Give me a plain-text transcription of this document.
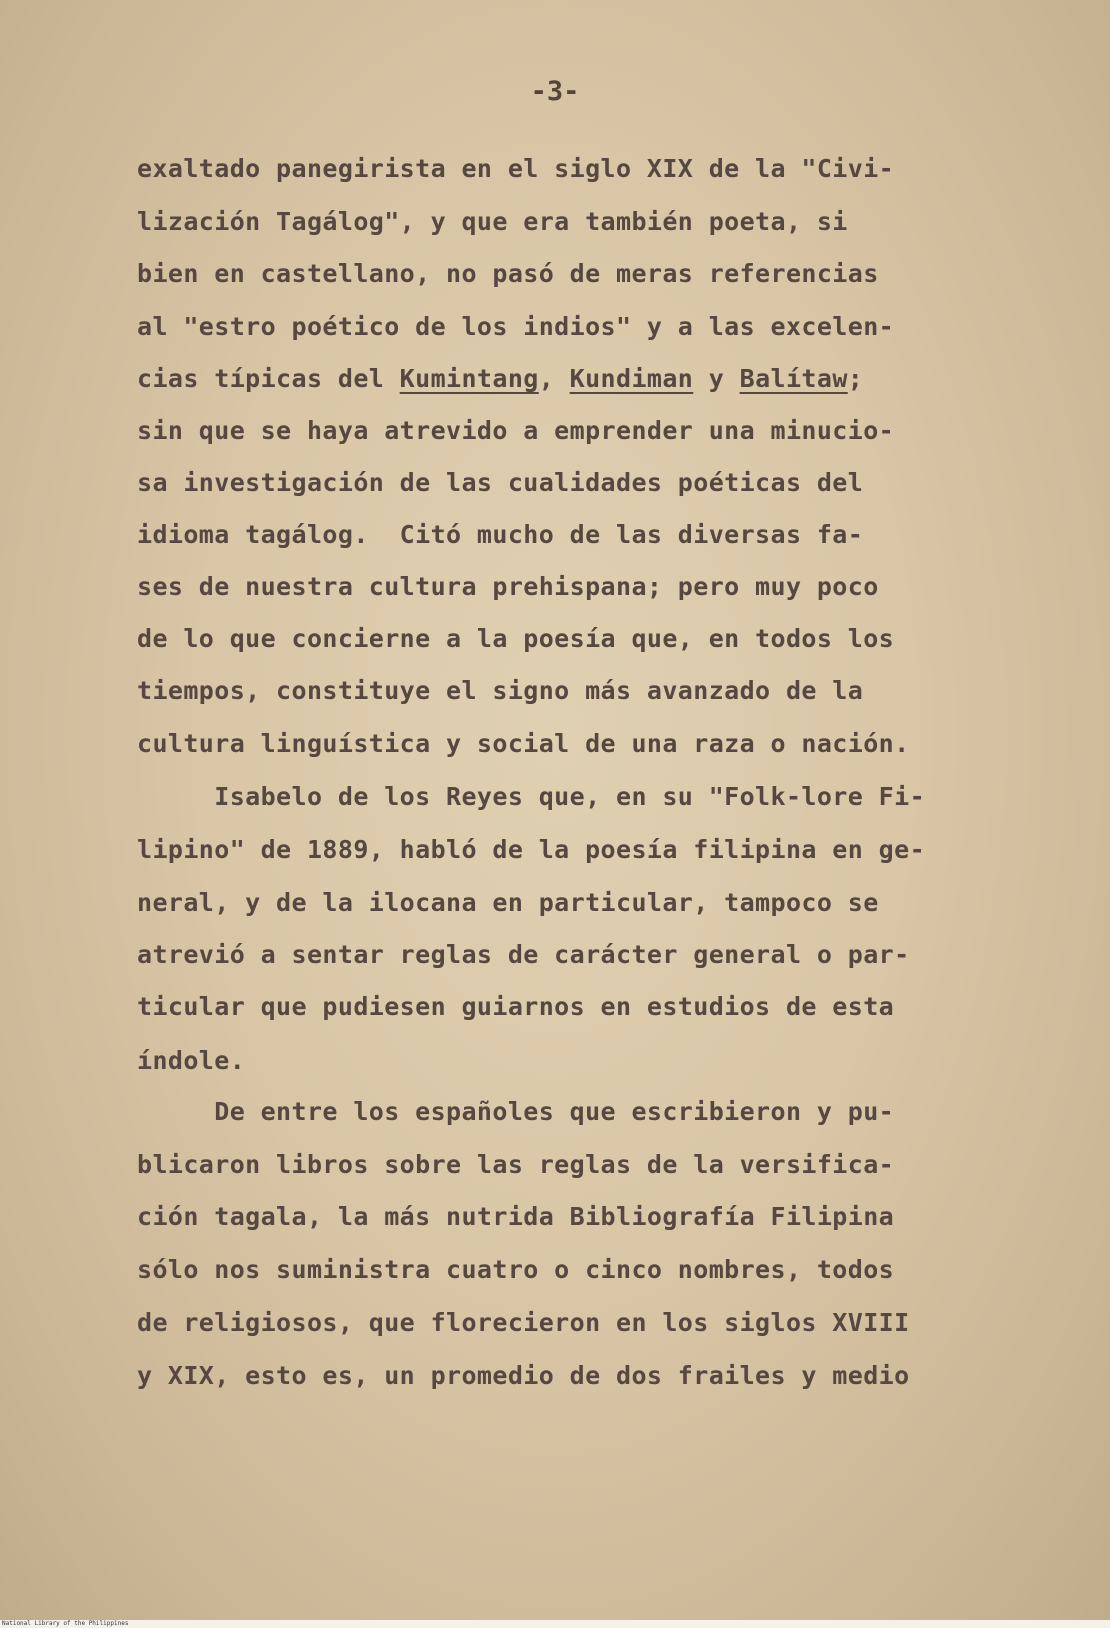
-3-
exaltado panegirista en el siglo XIX de la "Civi-
lización Tagálog", y que era también poeta, si
bien en castellano, no pasó de meras referencias
al "estro poético de los indios" y a las excelen-
cias típicas del Kumintang, Kundiman y Balítaw;
sin que se haya atrevido a emprender una minucio-
sa investigación de las cualidades poéticas del
idioma tagálog.  Citó mucho de las diversas fa-
ses de nuestra cultura prehispana; pero muy poco
de lo que concierne a la poesía que, en todos los
tiempos, constituye el signo más avanzado de la
cultura linguística y social de una raza o nación.
Isabelo de los Reyes que, en su "Folk-lore Fi-
lipino" de 1889, habló de la poesía filipina en ge-
neral, y de la ilocana en particular, tampoco se
atrevió a sentar reglas de carácter general o par-
ticular que pudiesen guiarnos en estudios de esta
índole.
De entre los españoles que escribieron y pu-
blicaron libros sobre las reglas de la versifica-
ción tagala, la más nutrida Bibliografía Filipina
sólo nos suministra cuatro o cinco nombres, todos
de religiosos, que florecieron en los siglos XVIII
y XIX, esto es, un promedio de dos frailes y medio
National Library of the Philippines
